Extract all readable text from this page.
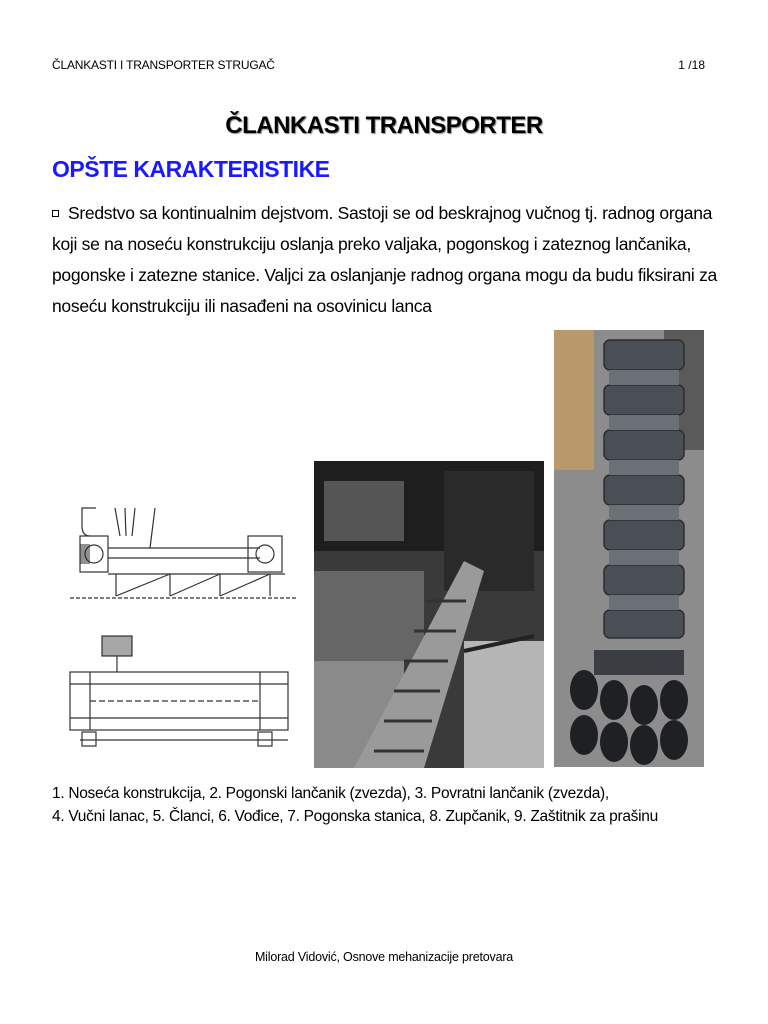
ČLANKASTI I TRANSPORTER STRUGAČ	1 /18
ČLANKASTI TRANSPORTER
OPŠTE KARAKTERISTIKE
Sredstvo sa kontinualnim dejstvom. Sastoji se od beskrajnog vučnog tj. radnog organa koji se na noseću konstrukciju oslanja preko valjaka, pogonskog i zateznog lančanika, pogonske i zatezne stanice. Valjci za oslanjanje radnog organa mogu da budu fiksirani za noseću konstrukciju ili nasađeni na osovinicu lanca
1. Noseća konstrukcija, 2. Pogonski lančanik (zvezda), 3. Povratni lančanik (zvezda),
4. Vučni lanac, 5. Članci, 6. Vođice, 7. Pogonska stanica, 8. Zupčanik, 9. Zaštitnik za prašinu
Milorad Vidović, Osnove mehanizacije pretovara
